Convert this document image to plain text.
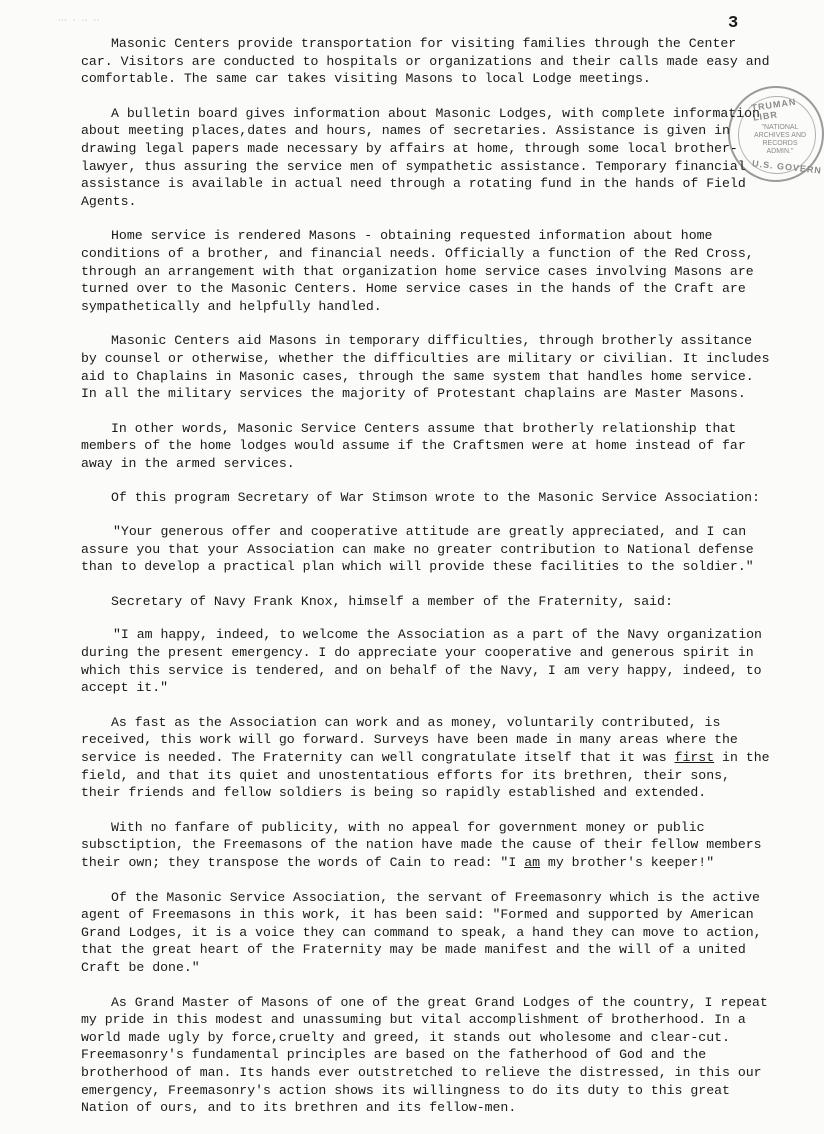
ᐧᐧᐧ ᐧ ᐧᐧ ᐧᐧ	3
TRUMAN LIBR
"NATIONAL ARCHIVES AND RECORDS ADMIN."
U.S. GOVERN

Masonic Centers provide transportation for visiting families through the Center car. Visitors are conducted to hospitals or organizations and their calls made easy and comfortable. The same car takes visiting Masons to local Lodge meetings.

A bulletin board gives information about Masonic Lodges, with complete information about meeting places,dates and hours, names of secretaries. Assistance is given in drawing legal papers made necessary by affairs at home, through some local brother-lawyer, thus assuring the service men of sympathetic assistance. Temporary financial assistance is available in actual need through a rotating fund in the hands of Field Agents.

Home service is rendered Masons - obtaining requested information about home conditions of a brother, and financial needs. Officially a function of the Red Cross, through an arrangement with that organization home service cases involving Masons are turned over to the Masonic Centers. Home service cases in the hands of the Craft are sympathetically and helpfully handled.

Masonic Centers aid Masons in temporary difficulties, through brotherly assitance by counsel or otherwise, whether the difficulties are military or civilian. It includes aid to Chaplains in Masonic cases, through the same system that handles home service. In all the military services the majority of Protestant chaplains are Master Masons.

In other words, Masonic Service Centers assume that brotherly relationship that members of the home lodges would assume if the Craftsmen were at home instead of far away in the armed services.

Of this program Secretary of War Stimson wrote to the Masonic Service Association:

"Your generous offer and cooperative attitude are greatly appreciated, and I can assure you that your Association can make no greater contribution to National defense than to develop a practical plan which will provide these facilities to the soldier."

Secretary of Navy Frank Knox, himself a member of the Fraternity, said:

"I am happy, indeed, to welcome the Association as a part of the Navy organization during the present emergency. I do appreciate your cooperative and generous spirit in which this service is tendered, and on behalf of the Navy, I am very happy, indeed, to accept it."

As fast as the Association can work and as money, voluntarily contributed, is received, this work will go forward. Surveys have been made in many areas where the service is needed. The Fraternity can well congratulate itself that it was first in the field, and that its quiet and unostentatious efforts for its brethren, their sons, their friends and fellow soldiers is being so rapidly established and extended.

With no fanfare of publicity, with no appeal for government money or public subsctiption, the Freemasons of the nation have made the cause of their fellow members their own; they transpose the words of Cain to read: "I am my brother's keeper!"

Of the Masonic Service Association, the servant of Freemasonry which is the active agent of Freemasons in this work, it has been said: "Formed and supported by American Grand Lodges, it is a voice they can command to speak, a hand they can move to action, that the great heart of the Fraternity may be made manifest and the will of a united Craft be done."

As Grand Master of Masons of one of the great Grand Lodges of the country, I repeat my pride in this modest and unassuming but vital accomplishment of brotherhood. In a world made ugly by force,cruelty and greed, it stands out wholesome and clear-cut. Freemasonry's fundamental principles are based on the fatherhood of God and the brotherhood of man. Its hands ever outstretched to relieve the distressed, in this our emergency, Freemasonry's action shows its willingness to do its duty to this great Nation of ours, and to its brethren and its fellow-men.
